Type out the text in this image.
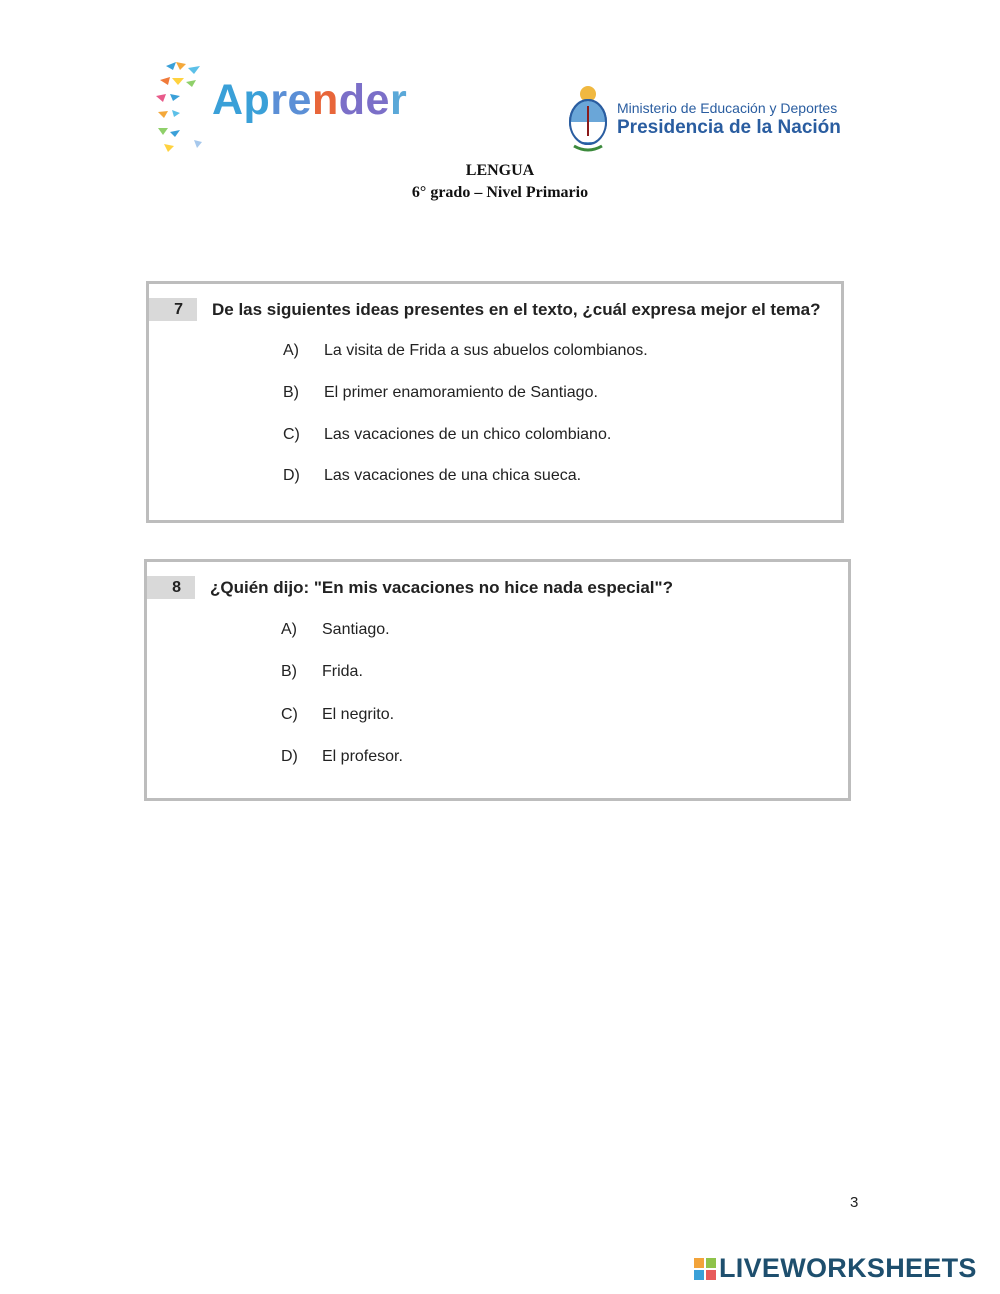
Aprender	Ministerio de Educación y Deportes
Presidencia de la Nación
LENGUA
6° grado – Nivel Primario
7	De las siguientes ideas presentes en el texto, ¿cuál expresa mejor el tema?
A) La visita de Frida a sus abuelos colombianos.
B) El primer enamoramiento de Santiago.
C) Las vacaciones de un chico colombiano.
D) Las vacaciones de una chica sueca.
8	¿Quién dijo: "En mis vacaciones no hice nada especial"?
A) Santiago.
B) Frida.
C) El negrito.
D) El profesor.
3
LIVEWORKSHEETS
